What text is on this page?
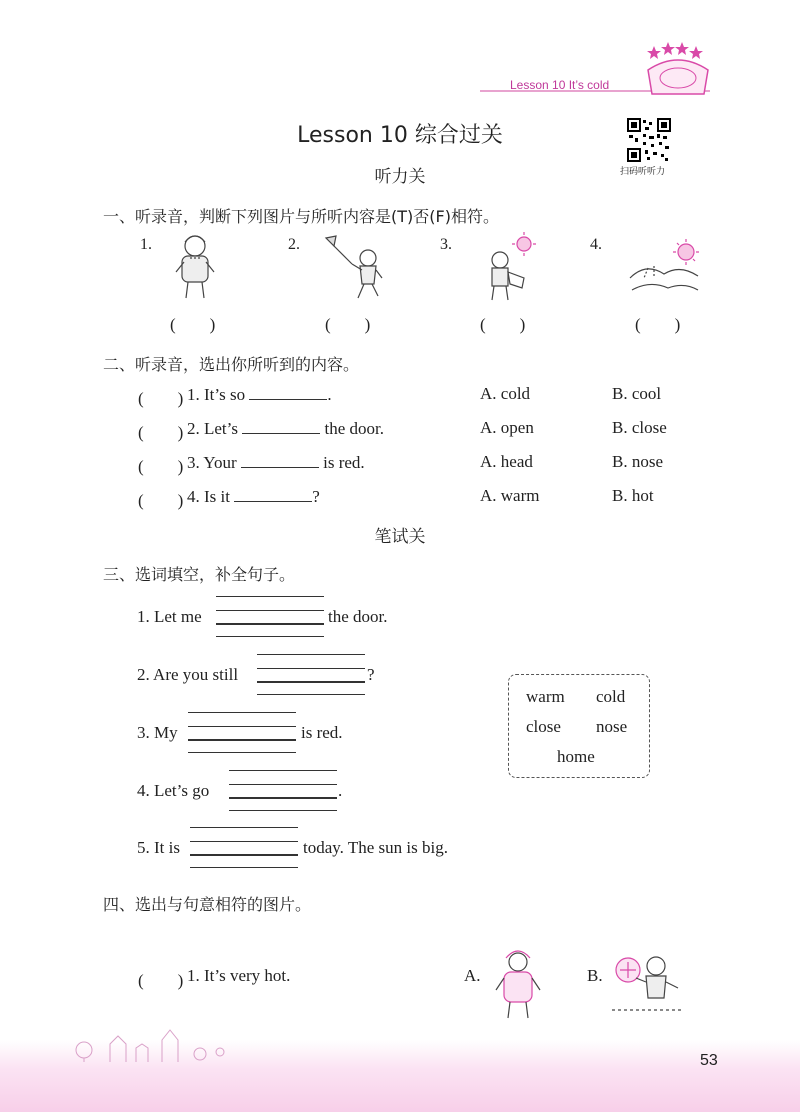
Lesson 10 It’s cold
Lesson 10 综合过关
扫码听听力
听力关
一、听录音，判断下列图片与所听内容是(T)否(F)相符。
1.
(　　)
2.
(　　)
3.
(　　)
4.
(　　)
二、听录音，选出你所听到的内容。
(　　) 1. It’s so	.	A. cold	B. cool
(　　) 2. Let’s	the door.	A. open	B. close
(　　) 3. Your	is red.	A. head	B. nose
(　　) 4. Is it	?	A. warm	B. hot
笔试关
三、选词填空，补全句子。
1. Let me	the door.
2. Are you still	?
3. My	is red.
4. Let’s go	.
5. It is	today. The sun is big.
warm cold
close nose
home
四、选出与句意相符的图片。
(　　) 1. It’s very hot.	A.	B.
53
